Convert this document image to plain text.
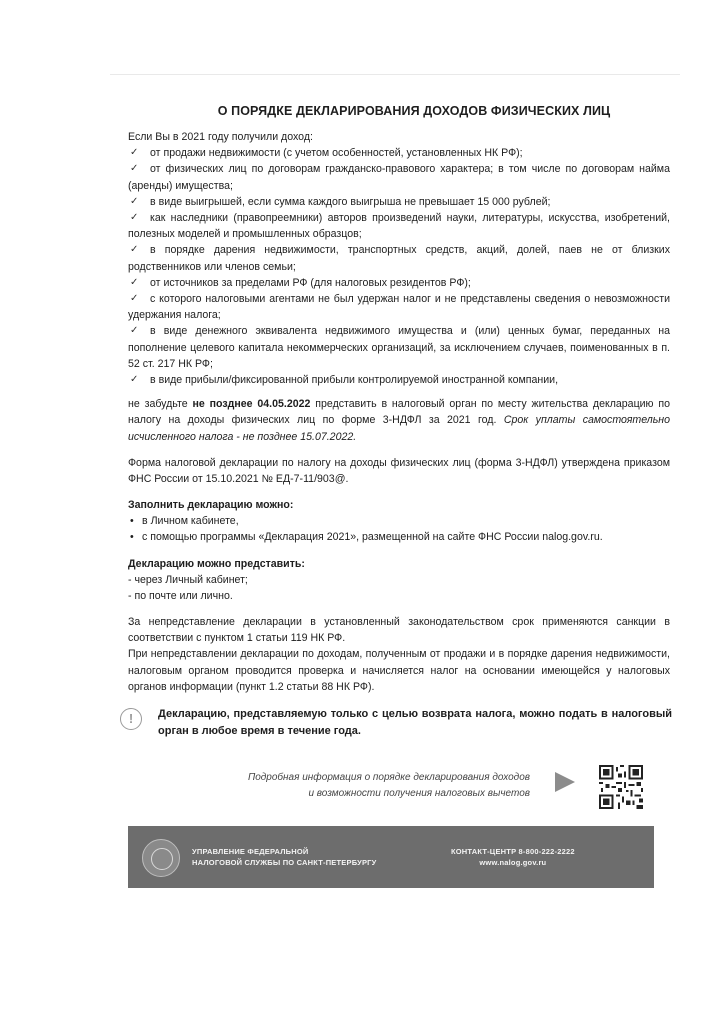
О ПОРЯДКЕ ДЕКЛАРИРОВАНИЯ ДОХОДОВ ФИЗИЧЕСКИХ ЛИЦ

Если Вы в 2021 году получили доход:

✓ от продажи недвижимости (с учетом особенностей, установленных НК РФ);

✓ от физических лиц по договорам гражданско-правового характера; в том числе по договорам найма (аренды) имущества;

✓ в виде выигрышей, если сумма каждого выигрыша не превышает 15 000 рублей;

✓ как наследники (правопреемники) авторов произведений науки, литературы, искусства, изобретений, полезных моделей и промышленных образцов;

✓ в порядке дарения недвижимости, транспортных средств, акций, долей, паев не от близких родственников или членов семьи;

✓ от источников за пределами РФ (для налоговых резидентов РФ);

✓ с которого налоговыми агентами не был удержан налог и не представлены сведения о невозможности удержания налога;

✓ в виде денежного эквивалента недвижимого имущества и (или) ценных бумаг, переданных на пополнение целевого капитала некоммерческих организаций, за исключением случаев, поименованных в п. 52 ст. 217 НК РФ;

✓ в виде прибыли/фиксированной прибыли контролируемой иностранной компании,

не забудьте не позднее 04.05.2022 представить в налоговый орган по месту жительства декларацию по налогу на доходы физических лиц по форме 3-НДФЛ за 2021 год. Срок уплаты самостоятельно исчисленного налога - не позднее 15.07.2022.

Форма налоговой декларации по налогу на доходы физических лиц (форма 3-НДФЛ) утверждена приказом ФНС России от 15.10.2021 № ЕД-7-11/903@.

Заполнить декларацию можно:

• в Личном кабинете,

• с помощью программы «Декларация 2021», размещенной на сайте ФНС России nalog.gov.ru.

Декларацию можно представить:

- через Личный кабинет;

- по почте или лично.

За непредставление декларации в установленный законодательством срок применяются санкции в соответствии с пунктом 1 статьи 119 НК РФ.

При непредставлении декларации по доходам, полученным от продажи и в порядке дарения недвижимости, налоговым органом проводится проверка и начисляется налог на основании имеющейся у налоговых органов информации (пункт 1.2 статьи 88 НК РФ).

!	Декларацию, представляемую только с целью возврата налога, можно подать в налоговый орган в любое время в течение года.
Подробная информация о порядке декларирования доходов
и возможности получения налоговых вычетов
УПРАВЛЕНИЕ ФЕДЕРАЛЬНОЙ
НАЛОГОВОЙ СЛУЖБЫ ПО САНКТ-ПЕТЕРБУРГУ
КОНТАКТ-ЦЕНТР 8-800-222-2222
www.nalog.gov.ru
